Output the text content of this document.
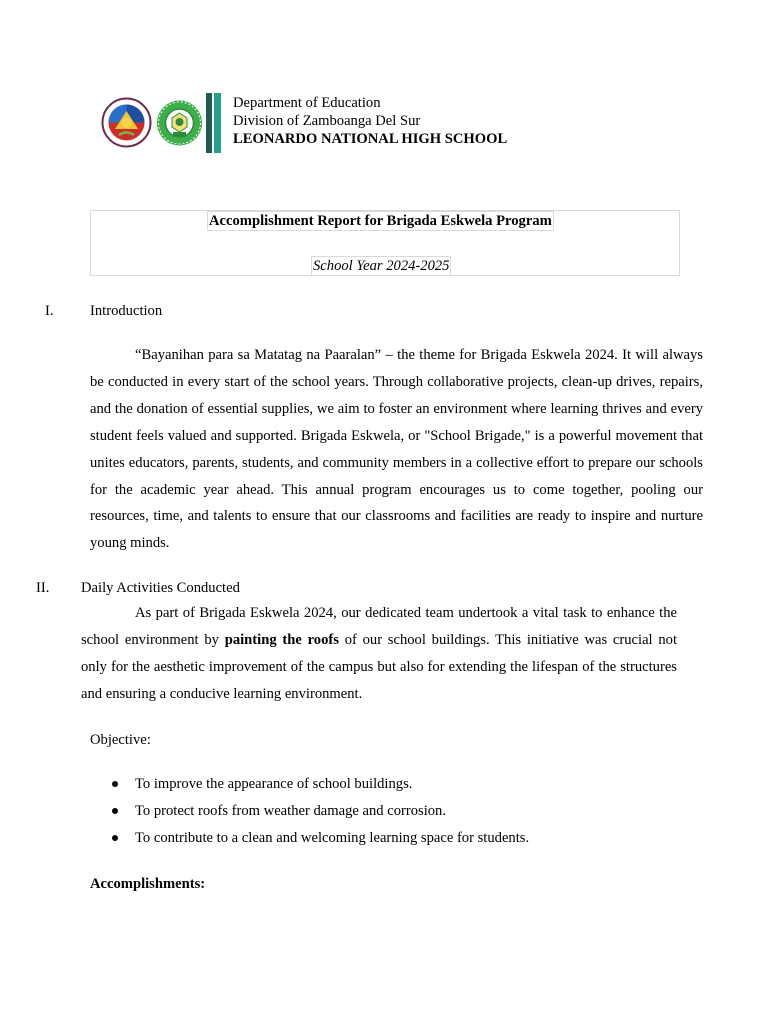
Department of Education
Division of Zamboanga Del Sur
LEONARDO NATIONAL HIGH SCHOOL
Accomplishment Report for Brigada Eskwela Program
School Year 2024-2025
I. Introduction

“Bayanihan para sa Matatag na Paaralan” – the theme for Brigada Eskwela 2024. It will always be conducted in every start of the school years. Through collaborative projects, clean-up drives, repairs, and the donation of essential supplies, we aim to foster an environment where learning thrives and every student feels valued and supported. Brigada Eskwela, or "School Brigade," is a powerful movement that unites educators, parents, students, and community members in a collective effort to prepare our schools for the academic year ahead. This annual program encourages us to come together, pooling our resources, time, and talents to ensure that our classrooms and facilities are ready to inspire and nurture young minds.

II. Daily Activities Conducted

As part of Brigada Eskwela 2024, our dedicated team undertook a vital task to enhance the school environment by painting the roofs of our school buildings. This initiative was crucial not only for the aesthetic improvement of the campus but also for extending the lifespan of the structures and ensuring a conducive learning environment.

Objective:
To improve the appearance of school buildings.
To protect roofs from weather damage and corrosion.
To contribute to a clean and welcoming learning space for students.
Accomplishments:
